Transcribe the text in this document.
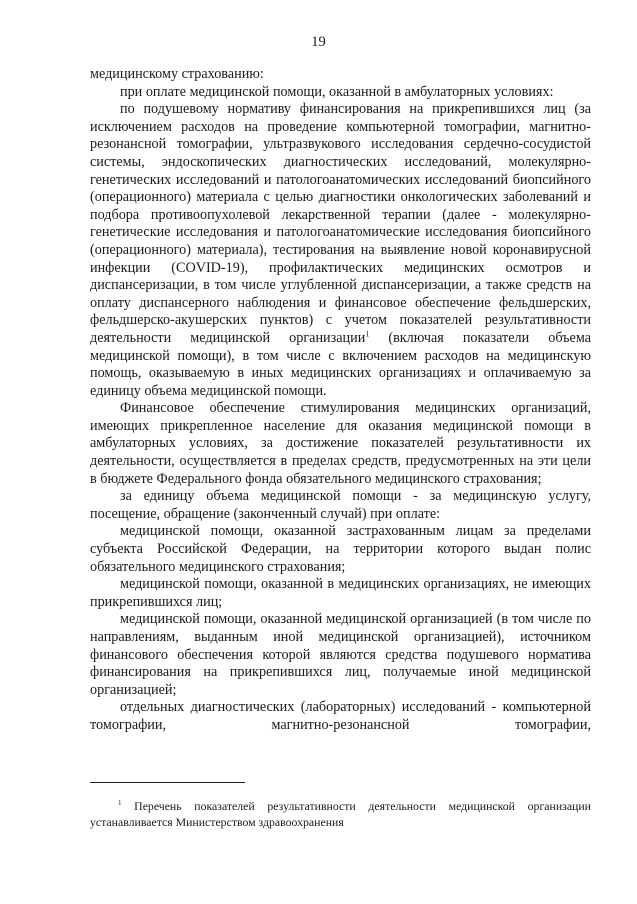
19

медицинскому страхованию:

при оплате медицинской помощи, оказанной в амбулаторных условиях:

по подушевому нормативу финансирования на прикрепившихся лиц (за исключением расходов на проведение компьютерной томографии, магнитно-резонансной томографии, ультразвукового исследования сердечно-сосудистой системы, эндоскопических диагностических исследований, молекулярно-генетических исследований и патологоанатомических исследований биопсийного (операционного) материала с целью диагностики онкологических заболеваний и подбора противоопухолевой лекарственной терапии (далее - молекулярно-генетические исследования и патологоанатомические исследования биопсийного (операционного) материала), тестирования на выявление новой коронавирусной инфекции (COVID-19), профилактических медицинских осмотров и диспансеризации, в том числе углубленной диспансеризации, а также средств на оплату диспансерного наблюдения и финансовое обеспечение фельдшерских, фельдшерско-акушерских пунктов) с учетом показателей результативности деятельности медицинской организации$^1$ (включая показатели объема медицинской помощи), в том числе с включением расходов на медицинскую помощь, оказываемую в иных медицинских организациях и оплачиваемую за единицу объема медицинской помощи.

Финансовое обеспечение стимулирования медицинских организаций, имеющих прикрепленное население для оказания медицинской помощи в амбулаторных условиях, за достижение показателей результативности их деятельности, осуществляется в пределах средств, предусмотренных на эти цели в бюджете Федерального фонда обязательного медицинского страхования;

за единицу объема медицинской помощи - за медицинскую услугу, посещение, обращение (законченный случай) при оплате:

медицинской помощи, оказанной застрахованным лицам за пределами субъекта Российской Федерации, на территории которого выдан полис обязательного медицинского страхования;

медицинской помощи, оказанной в медицинских организациях, не имеющих прикрепившихся лиц;

медицинской помощи, оказанной медицинской организацией (в том числе по направлениям, выданным иной медицинской организацией), источником финансового обеспечения которой являются средства подушевого норматива финансирования на прикрепившихся лиц, получаемые иной медицинской организацией;

отдельных диагностических (лабораторных) исследований - компьютерной томографии, магнитно-резонансной томографии,

$^1$ Перечень показателей результативности деятельности медицинской организации устанавливается Министерством здравоохранения
